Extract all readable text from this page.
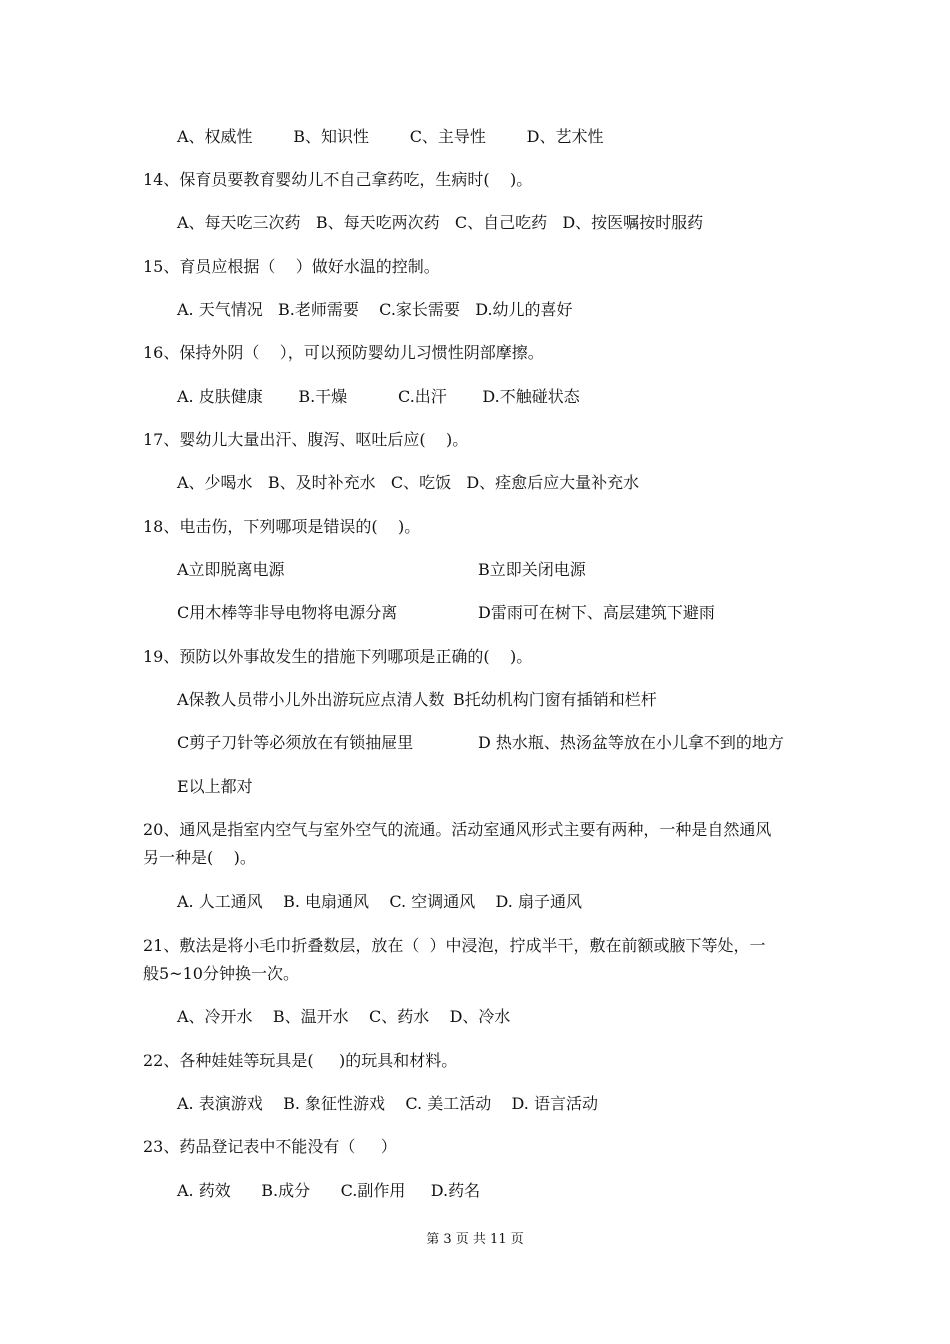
A、权威性        B、知识性        C、主导性        D、艺术性
14、保育员要教育婴幼儿不自己拿药吃，生病时(    )。
A、每天吃三次药   B、每天吃两次药   C、自己吃药   D、按医嘱按时服药
15、育员应根据（    ）做好水温的控制。
A. 天气情况   B.老师需要    C.家长需要   D.幼儿的喜好
16、保持外阴（    ），可以预防婴幼儿习惯性阴部摩擦。
A. 皮肤健康       B.干燥          C.出汗       D.不触碰状态
17、婴幼儿大量出汗、腹泻、呕吐后应(    )。
A、少喝水   B、及时补充水   C、吃饭   D、痊愈后应大量补充水
18、电击伤，下列哪项是错误的(    )。
A立即脱离电源	B立即关闭电源
C用木棒等非导电物将电源分离	D雷雨可在树下、高层建筑下避雨
19、预防以外事故发生的措施下列哪项是正确的(    )。
A保教人员带小儿外出游玩应点清人数 B托幼机构门窗有插销和栏杆
C剪子刀针等必须放在有锁抽屉里	D 热水瓶、热汤盆等放在小儿拿不到的地方
E以上都对
20、通风是指室内空气与室外空气的流通。活动室通风形式主要有两种，一种是自然通风
另一种是(    )。
A. 人工通风    B. 电扇通风    C. 空调通风    D. 扇子通风
21、敷法是将小毛巾折叠数层，放在（  ）中浸泡，拧成半干，敷在前额或腋下等处，一
般5~10分钟换一次。
A、冷开水    B、温开水    C、药水    D、冷水
22、各种娃娃等玩具是(     )的玩具和材料。
A. 表演游戏    B. 象征性游戏    C. 美工活动    D. 语言活动
23、药品登记表中不能没有（     ）
A. 药效      B.成分      C.副作用     D.药名
第 3 页 共 11 页
